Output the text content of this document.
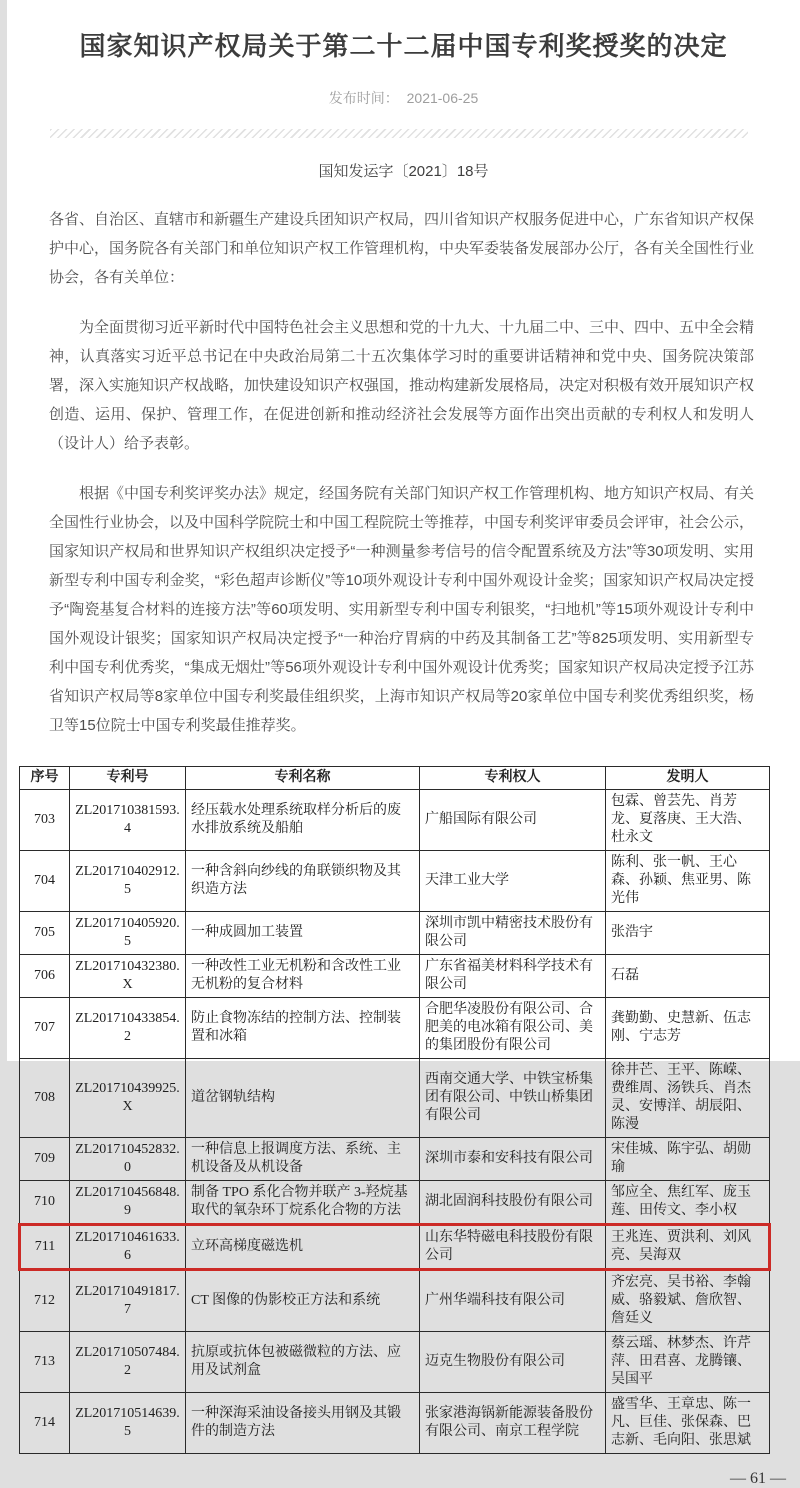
国家知识产权局关于第二十二届中国专利奖授奖的决定
发布时间： 2021-06-25
国知发运字〔2021〕18号

各省、自治区、直辖市和新疆生产建设兵团知识产权局，四川省知识产权服务促进中心，广东省知识产权保护中心，国务院各有关部门和单位知识产权工作管理机构，中央军委装备发展部办公厅，各有关全国性行业协会，各有关单位：

为全面贯彻习近平新时代中国特色社会主义思想和党的十九大、十九届二中、三中、四中、五中全会精神，认真落实习近平总书记在中央政治局第二十五次集体学习时的重要讲话精神和党中央、国务院决策部署，深入实施知识产权战略，加快建设知识产权强国，推动构建新发展格局，决定对积极有效开展知识产权创造、运用、保护、管理工作，在促进创新和推动经济社会发展等方面作出突出贡献的专利权人和发明人（设计人）给予表彰。

根据《中国专利奖评奖办法》规定，经国务院有关部门知识产权工作管理机构、地方知识产权局、有关全国性行业协会，以及中国科学院院士和中国工程院院士等推荐，中国专利奖评审委员会评审，社会公示，国家知识产权局和世界知识产权组织决定授予“一种测量参考信号的信令配置系统及方法”等30项发明、实用新型专利中国专利金奖，“彩色超声诊断仪”等10项外观设计专利中国外观设计金奖；国家知识产权局决定授予“陶瓷基复合材料的连接方法”等60项发明、实用新型专利中国专利银奖，“扫地机”等15项外观设计专利中国外观设计银奖；国家知识产权局决定授予“一种治疗胃病的中药及其制备工艺”等825项发明、实用新型专利中国专利优秀奖，“集成无烟灶”等56项外观设计专利中国外观设计优秀奖；国家知识产权局决定授予江苏省知识产权局等8家单位中国专利奖最佳组织奖，上海市知识产权局等20家单位中国专利奖优秀组织奖，杨卫等15位院士中国专利奖最佳推荐奖。

序号	专利号	专利名称	专利权人	发明人
703	ZL201710381593. 4	经压载水处理系统取样分析后的废水排放系统及船舶	广船国际有限公司	包霖、曾芸先、肖芳龙、夏落庚、王大浩、杜永文
704	ZL201710402912. 5	一种含斜向纱线的角联锁织物及其织造方法	天津工业大学	陈利、张一帆、王心森、孙颖、焦亚男、陈光伟
705	ZL201710405920. 5	一种成圆加工装置	深圳市凯中精密技术股份有限公司	张浩宇
706	ZL201710432380. X	一种改性工业无机粉和含改性工业无机粉的复合材料	广东省福美材料科学技术有限公司	石磊
707	ZL201710433854. 2	防止食物冻结的控制方法、控制装置和冰箱	合肥华凌股份有限公司、合肥美的电冰箱有限公司、美的集团股份有限公司	龚勤勤、史慧新、伍志刚、宁志芳
708	ZL201710439925. X	道岔钢轨结构	西南交通大学、中铁宝桥集团有限公司、中铁山桥集团有限公司	徐井芒、王平、陈嵘、费维周、汤铁兵、肖杰灵、安博洋、胡辰阳、陈漫
709	ZL201710452832. 0	一种信息上报调度方法、系统、主机设备及从机设备	深圳市泰和安科技有限公司	宋佳城、陈宇弘、胡勋瑜
710	ZL201710456848. 9	制备 TPO 系化合物并联产 3-羟烷基取代的氧杂环丁烷系化合物的方法	湖北固润科技股份有限公司	邹应全、焦红军、庞玉莲、田传文、李小权
711	ZL201710461633. 6	立环高梯度磁选机	山东华特磁电科技股份有限公司	王兆连、贾洪利、刘风亮、吴海双
712	ZL201710491817. 7	CT 图像的伪影校正方法和系统	广州华端科技有限公司	齐宏亮、吴书裕、李翰威、骆毅斌、詹欣智、詹廷义
713	ZL201710507484. 2	抗原或抗体包被磁微粒的方法、应用及试剂盒	迈克生物股份有限公司	蔡云瑶、林梦杰、许芹萍、田君喜、龙腾镶、吴国平
714	ZL201710514639. 5	一种深海采油设备接头用钢及其锻件的制造方法	张家港海锅新能源装备股份有限公司、南京工程学院	盛雪华、王章忠、陈一凡、巨佳、张保森、巴志新、毛向阳、张思斌
— 61 —
